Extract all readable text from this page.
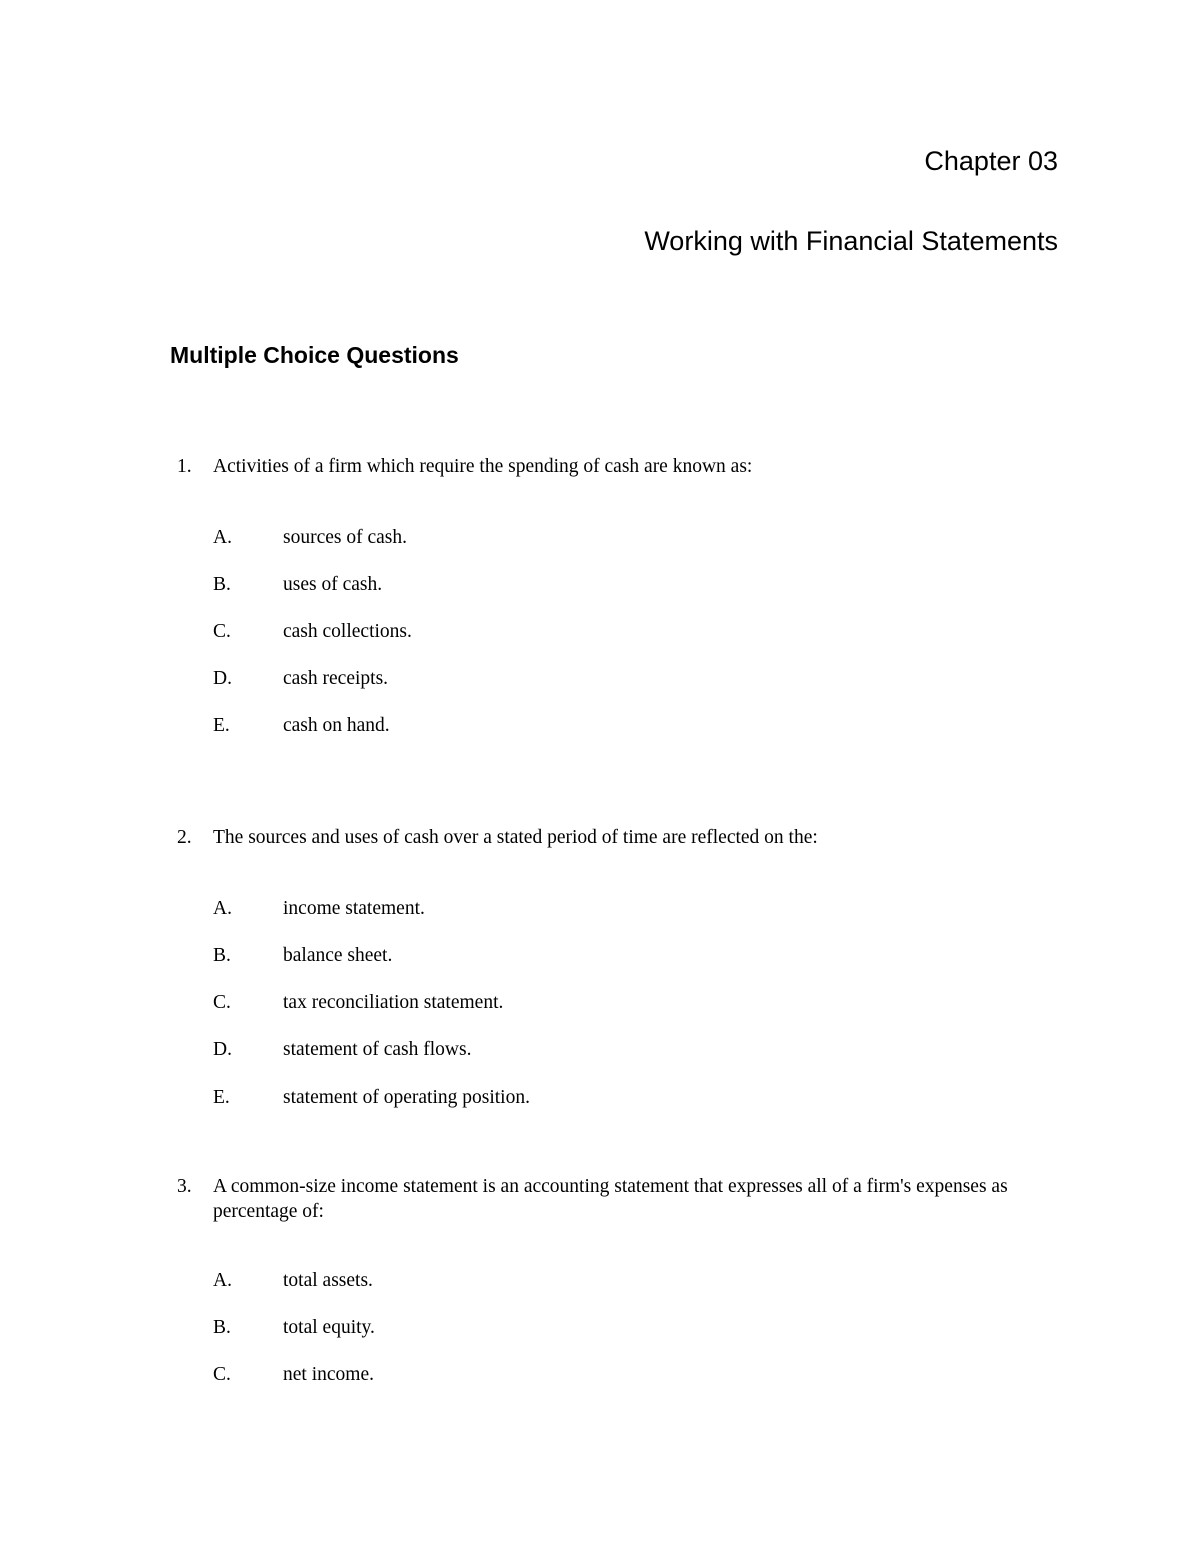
Chapter 03
Working with Financial Statements
Multiple Choice Questions
1. Activities of a firm which require the spending of cash are known as:
A.	sources of cash.
B.	uses of cash.
C.	cash collections.
D.	cash receipts.
E.	cash on hand.
2. The sources and uses of cash over a stated period of time are reflected on the:
A.	income statement.
B.	balance sheet.
C.	tax reconciliation statement.
D.	statement of cash flows.
E.	statement of operating position.
3. A common-size income statement is an accounting statement that expresses all of a firm's expenses as percentage of:
A.	total assets.
B.	total equity.
C.	net income.
